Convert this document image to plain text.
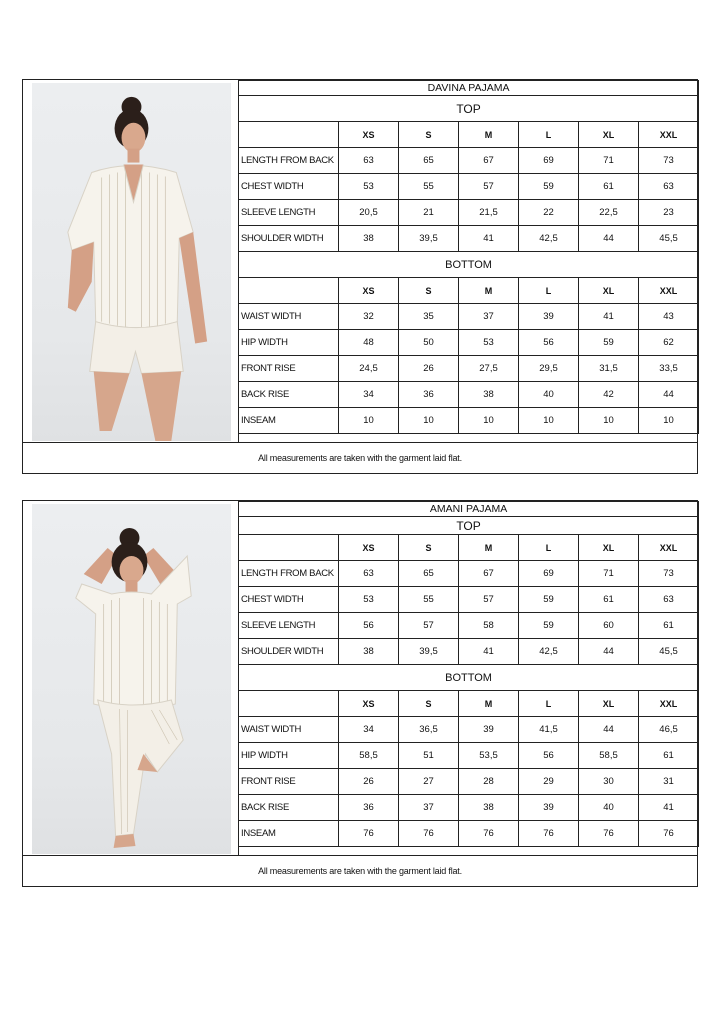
DAVINA PAJAMA						
TOP						
	XS	S	M	L	XL	XXL
LENGTH FROM BACK	63	65	67	69	71	73
CHEST WIDTH	53	55	57	59	61	63
SLEEVE LENGTH	20,5	21	21,5	22	22,5	23
SHOULDER WIDTH	38	39,5	41	42,5	44	45,5
BOTTOM						
	XS	S	M	L	XL	XXL
WAIST WIDTH	32	35	37	39	41	43
HIP WIDTH	48	50	53	56	59	62
FRONT RISE	24,5	26	27,5	29,5	31,5	33,5
BACK RISE	34	36	38	40	42	44
INSEAM	10	10	10	10	10	10
All measurements are taken with the garment laid flat.
AMANI PAJAMA						
TOP						
	XS	S	M	L	XL	XXL
LENGTH FROM BACK	63	65	67	69	71	73
CHEST WIDTH	53	55	57	59	61	63
SLEEVE LENGTH	56	57	58	59	60	61
SHOULDER WIDTH	38	39,5	41	42,5	44	45,5
BOTTOM						
	XS	S	M	L	XL	XXL
WAIST WIDTH	34	36,5	39	41,5	44	46,5
HIP WIDTH	58,5	51	53,5	56	58,5	61
FRONT RISE	26	27	28	29	30	31
BACK RISE	36	37	38	39	40	41
INSEAM	76	76	76	76	76	76
All measurements are taken with the garment laid flat.
